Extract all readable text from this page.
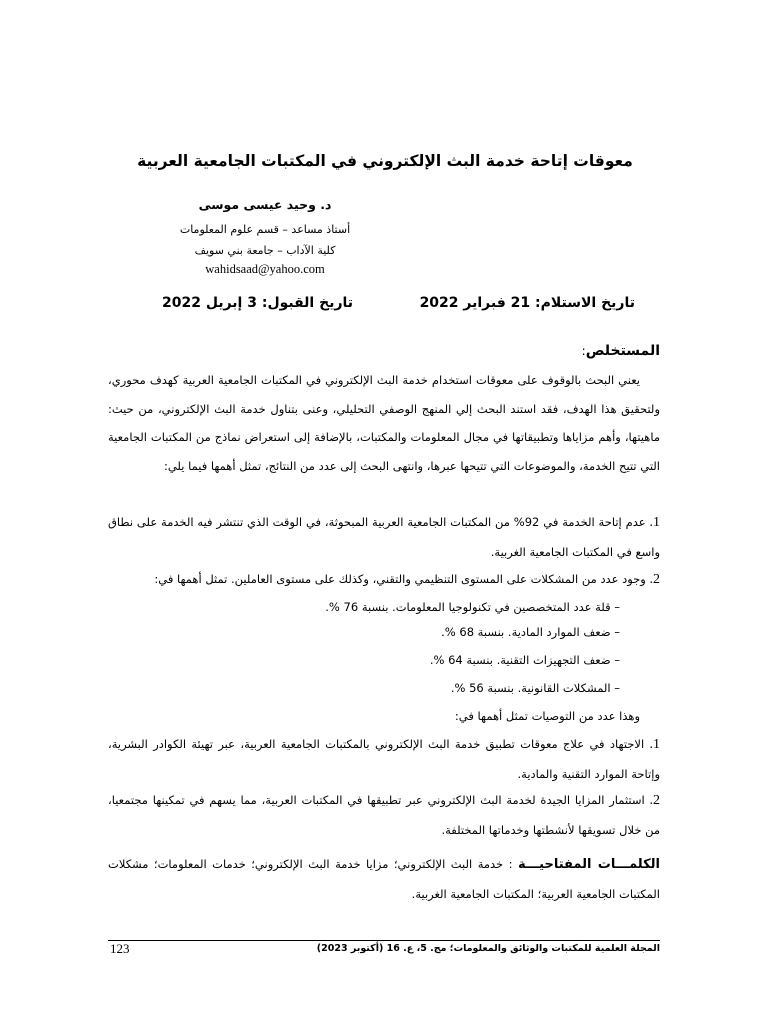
معوقات إتاحة خدمة البث الإلكتروني في المكتبات الجامعية العربية
د. وحيد عيسى موسى
أستاذ مساعد – قسم علوم المعلومات
كلية الآداب – جامعة بني سويف
wahidsaad@yahoo.com
تاريخ الاستلام: 21 فبراير 2022
تاريخ القبول: 3 إبريل 2022
المستخلص:
يعني البحث بالوقوف على معوقات استخدام خدمة البث الإلكتروني في المكتبات الجامعية العربية كهدف محوري، ولتحقيق هذا الهدف، فقد استند البحث إلي المنهج الوصفي التحليلي، وعنى بتناول خدمة البث الإلكتروني، من حيث: ماهيتها، وأهم مزاياها وتطبيقاتها في مجال المعلومات والمكتبات، بالإضافة إلى استعراض نماذج من المكتبات الجامعية التي تتيح الخدمة، والموضوعات التي تتيحها عبرها، وانتهى البحث إلى عدد من النتائج، تمثل أهمها فيما يلي:
1. عدم إتاحة الخدمة في 92% من المكتبات الجامعية العربية المبحوثة، في الوقت الذي تنتشر فيه الخدمة على نطاق واسع في المكتبات الجامعية الغربية.
2. وجود عدد من المشكلات على المستوى التنظيمي والتقني، وكذلك على مستوى العاملين. تمثل أهمها في:
– قلة عدد المتخصصين في تكنولوجيا المعلومات. بنسبة 76 %.
– ضعف الموارد المادية. بنسبة 68 %.
– ضعف التجهيزات التقنية. بنسبة 64 %.
– المشكلات القانونية. بنسبة 56 %.
وهذا عدد من التوصيات تمثل أهمها في:
1. الاجتهاد في علاج معوقات تطبيق خدمة البث الإلكتروني بالمكتبات الجامعية العربية، عبر تهيئة الكوادر البشرية، وإتاحة الموارد التقنية والمادية.
2. استثمار المزايا الجيدة لخدمة البث الإلكتروني عبر تطبيقها في المكتبات العربية، مما يسهم في تمكينها مجتمعيا، من خلال تسويقها لأنشطتها وخدماتها المختلفة.
الكلمـــات المفتاحيـــة : خدمة البث الإلكتروني؛ مزايا خدمة البث الإلكتروني؛ خدمات المعلومات؛ مشكلات المكتبات الجامعية العربية؛ المكتبات الجامعية الغربية.
المجلة العلمية للمكتبات والوثائق والمعلومات؛ مج. 5، ع. 16 (أكتوبر 2023)
123
